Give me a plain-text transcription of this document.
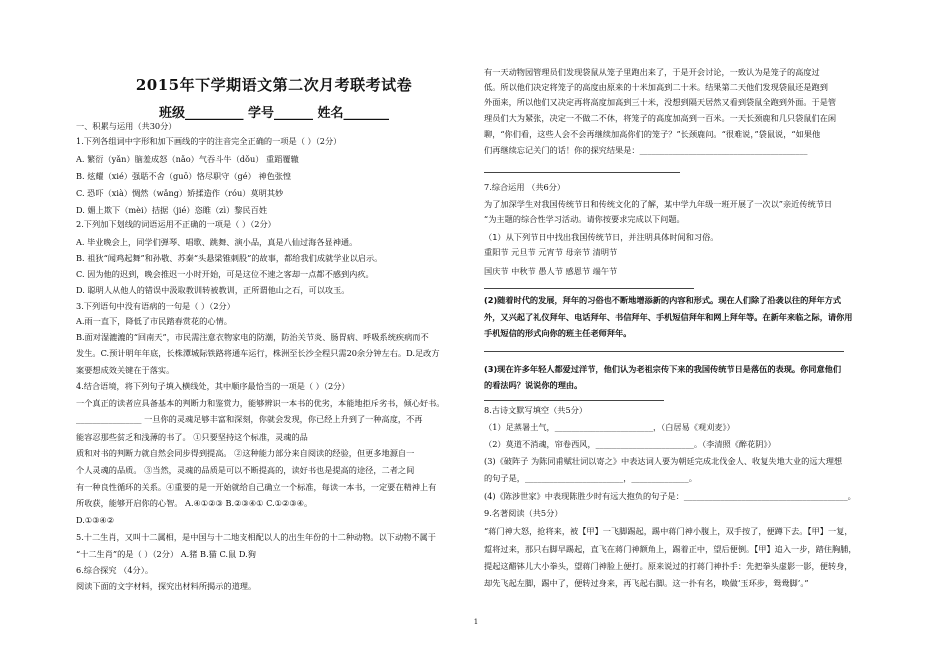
2015年下学期语文第二次月考联考试卷
班级_________ 学号______ 姓名_______
一、积累与运用（共30分）
1.下列各组词中字形和加下画线的字的注音完全正确的一项是（ ）（2分）
A. 繁衍（yǎn）脑羞成怒（nǎo）气吞斗牛（dǒu） 重蹈覆辙
B. 炫耀（xié）强聒不舍（guō）恪尽职守（gé） 神色张惶
C. 恐吓（xià）惆然（wǎng）矫揉造作（róu）莫明其妙
D. 媚上欺下（mèi）拮据（jié）恣睢（zì）黎民百姓
2.下列加下划线的词语运用不正确的一项是（ ）（2分）
A. 毕业晚会上，同学们弹琴、唱歌、跳舞、演小品，真是八仙过海各显神通。
B. 祖狄“闻鸡起舞”和孙敬、苏秦“头悬梁锥刺股”的故事，都给我们成就学业以启示。
C. 因为他的迟到，晚会推迟一小时开始，可是这位不速之客却一点都不感到内疚。
D. 聪明人从他人的错误中汲取教训转被教训，正所谓他山之石，可以攻玉。
3.下列语句中没有语病的一句是（ ）（2分）
A.雨一直下，降低了市民踏春赏花的心情。
B.面对湿漉漉的“回南天”，市民需注意衣物家电的防潮，防治关节炎、肠胃病、呼吸系统疾病而不
发生。C.预计明年年底，长株潭城际铁路将通车运行，株洲至长沙全程只需20余分钟左右。D.足改方
案要想成效关键在于落实。
4.结合语境，将下列句子填入横线处，其中顺序最恰当的一项是（ ）（2分）
一个真正的读者应具备基本的判断力和鉴赏力，能够辨识一本书的优劣，本能地拒斥劣书，倾心好书。
________________ 一旦你的灵魂足够丰富和深刻，你就会发现，你已经上升到了一种高度，不再
能容忍那些贫乏和浅薄的书了。 ①只要坚持这个标准，灵魂的品
质和对书的判断力就自然会同步得到提高。 ②这种能力部分来自阅读的经验，但更多地源自一
个人灵魂的品质。 ③当然，灵魂的品质是可以不断提高的，读好书也是提高的途径，二者之间
有一种良性循环的关系。④重要的是一开始就给自己确立一个标准，每读一本书，一定要在精神上有
所收获，能够开启你的心智。 A.④①②③ B.②③④① C.①②③④。
D.①③④②
5.十二生肖，又叫十二属相，是中国与十二地支相配以人的出生年份的十二种动物。以下动物不属于
“十二生肖”的是（ ）（2分） A.猪 B.猫 C.鼠 D.狗
6.综合探究 （4分）。
阅读下面的文字材料，探究出材料所揭示的道理。
有一天动物园管理员们发现袋鼠从笼子里跑出来了，于是开会讨论，一致认为是笼子的高度过
低。所以他们决定将笼子的高度由原来的十米加高到二十米。结果第二天他们发现袋鼠还是跑到
外面来，所以他们又决定再将高度加高到三十米，没想到隔天居然又看到袋鼠全跑到外面。于是管
理员们大为紧张，决定一不做二不休，将笼子的高度加高到一百米。一天长颈鹿和几只袋鼠们在闲
聊，“你们看，这些人会不会再继续加高你们的笼子？”长颈鹿问。“很难说，”袋鼠说，“如果他
们再继续忘记关门的话！你的探究结果是：_________________________________________
7.综合运用 （共6分）
为了加深学生对我国传统节日和传统文化的了解，某中学九年级一班开展了一次以”亲近传统节日
“为主题的综合性学习活动。请你按要求完成以下问题。
（1）从下列节日中找出我国传统节日，并注明具体时间和习俗。
重阳节 元旦节 元宵节 母亲节 清明节
国庆节 中秋节 愚人节 感恩节 端午节
(2)随着时代的发展，拜年的习俗也不断地增添新的内容和形式。现在人们除了沿袭以往的拜年方式
外，又兴起了礼仪拜年、电话拜年、书信拜年、手机短信拜年和网上拜年等。在新年来临之际，请你用
手机短信的形式向你的班主任老师拜年。
(3)现在许多年轻人都爱过洋节，他们认为老祖宗传下来的我国传统节日是落伍的表现。你同意他们
的看法吗？说说你的理由。
8.古诗文默写填空（共5分）
（1）足蒸暑土气，________________________，（白居易《观刈麦》）
（2）莫道不消魂，帘卷西风，________________________。（李清照《醉花阴》）
(3)《破阵子 为陈同甫赋壮词以寄之》中表达词人要为朝廷完成北伐金人、收复失地大业的远大理想
的句子是，________________________，______________。
(4)《陈涉世家》中表现陈胜少时有远大抱负的句子是：________________________________________。
9.名著阅读（共5分）
“蒋门神大怒，抢将来，被【甲】一飞脚踢起，踢中蒋门神小腹上，双手按了，便蹲下去。【甲】一复，
踅将过来，那只右脚早踢起，直飞在蒋门神额角上，踢着正中，望后便倒。【甲】追入一步，踏住胸脯，
提起这醋钵儿大小拳头，望蒋门神脸上便打。原来说过的打蒋门神扑手：先把拳头虚影一影，便转身，
却先飞起左脚，踢中了，便转过身来，再飞起右脚。这一扑有名，唤做‘玉环步，鸳鸯脚’。”
1
